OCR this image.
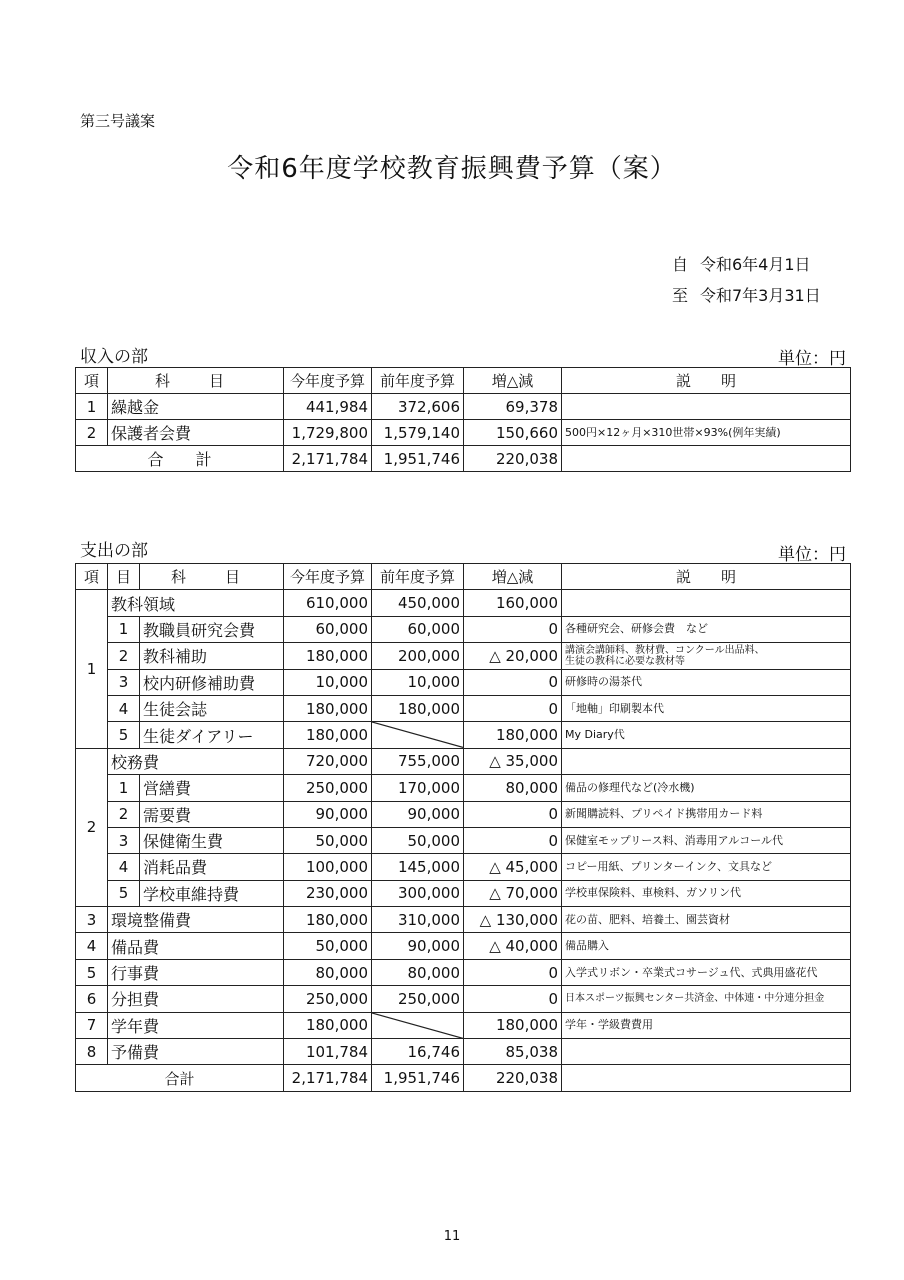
第三号議案
令和6年度学校教育振興費予算（案）
自 令和6年4月1日
至 令和7年3月31日
収入の部	単位：円
項	科　目	今年度予算	前年度予算	増△減	説　　明
1	繰越金	441,984	372,606	69,378	
2	保護者会費	1,729,800	1,579,140	150,660	500円×12ヶ月×310世帯×93%(例年実績)
合　　計		2,171,784	1,951,746	220,038	
支出の部	単位：円
項	目	科　目	今年度予算	前年度予算	増△減	説　　明
1	教科領域		610,000	450,000	160,000	
	1	教職員研究会費	60,000	60,000	0	各種研究会、研修会費　など
	2	教科補助	180,000	200,000	△ 20,000	講演会講師料、教材費、コンクール出品料、
生徒の教科に必要な教材等

	3	校内研修補助費	10,000	10,000	0	研修時の湯茶代
	4	生徒会誌	180,000	180,000	0	「地軸」印刷製本代
	5	生徒ダイアリー	180,000		180,000	My Diary代
2	校務費		720,000	755,000	△ 35,000	
	1	営繕費	250,000	170,000	80,000	備品の修理代など(冷水機)
	2	需要費	90,000	90,000	0	新聞購読料、プリペイド携帯用カード料
	3	保健衛生費	50,000	50,000	0	保健室モップリース料、消毒用アルコール代
	4	消耗品費	100,000	145,000	△ 45,000	コピー用紙、プリンターインク、文具など
	5	学校車維持費	230,000	300,000	△ 70,000	学校車保険料、車検料、ガソリン代
3	環境整備費		180,000	310,000	△ 130,000	花の苗、肥料、培養土、園芸資材
4	備品費		50,000	90,000	△ 40,000	備品購入
5	行事費		80,000	80,000	0	入学式リボン・卒業式コサージュ代、式典用盛花代
6	分担費		250,000	250,000	0	日本スポーツ振興センター共済金、中体連・中分連分担金
7	学年費		180,000		180,000	学年・学級費費用
8	予備費		101,784	16,746	85,038	
合計			2,171,784	1,951,746	220,038	
11
